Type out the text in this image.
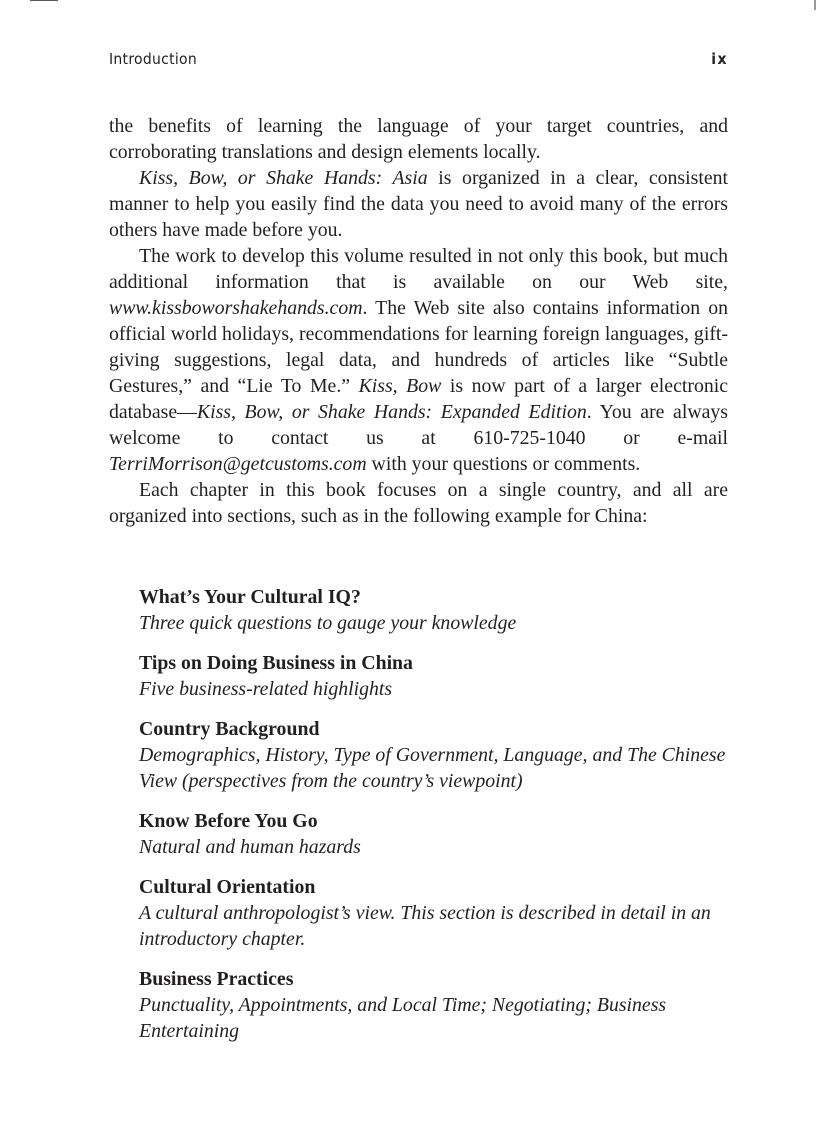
Introduction	ix

the benefits of learning the language of your target countries, and corroborating translations and design elements locally.

Kiss, Bow, or Shake Hands: Asia is organized in a clear, consistent manner to help you easily find the data you need to avoid many of the errors others have made before you.

The work to develop this volume resulted in not only this book, but much additional information that is available on our Web site, www.kissboworshakehands.com. The Web site also contains information on official world holidays, recommendations for learning foreign languages, gift-giving suggestions, legal data, and hundreds of articles like “Subtle Gestures,” and “Lie To Me.” Kiss, Bow is now part of a larger electronic database—Kiss, Bow, or Shake Hands: Expanded Edition. You are always welcome to contact us at 610-725-1040 or e-mail TerriMorrison@getcustoms.com with your questions or comments.

Each chapter in this book focuses on a single country, and all are organized into sections, such as in the following example for China:

What’s Your Cultural IQ?
Three quick questions to gauge your knowledge
Tips on Doing Business in China
Five business-related highlights
Country Background
Demographics, History, Type of Government, Language, and The Chinese View (perspectives from the country’s viewpoint)
Know Before You Go
Natural and human hazards
Cultural Orientation
A cultural anthropologist’s view. This section is described in detail in an introductory chapter.
Business Practices
Punctuality, Appointments, and Local Time; Negotiating; Business Entertaining
